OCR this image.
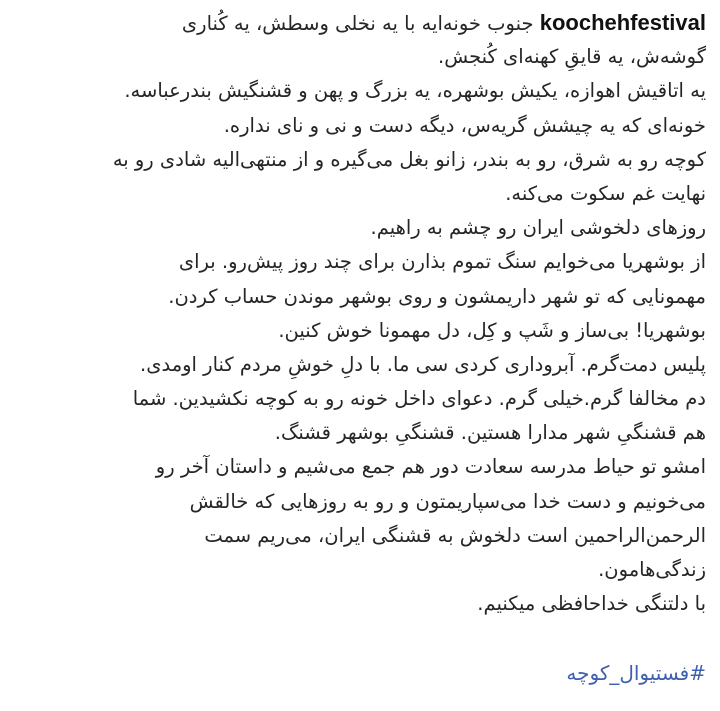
koochehfestival جنوب خونه‌ایه با یه نخلی وسطش، یه کُناری
گوشه‌ش، یه قایقِ کهنه‌ای کُنجش.
یه اتاقیش اهوازه، یکیش بوشهره، یه بزرگ و پهن و قشنگیش بندرعباسه.
خونه‌ای که یه چیشش گریه‌س، دیگه دست و نی و نای نداره.
کوچه رو به شرق، رو به بندر، زانو بغل می‌گیره و از منتهی‌الیه شادی رو به
نهایت غم سکوت می‌کنه.
روزهای دلخوشی ایران رو چشم به راهیم.
از بوشهریا می‌خوایم سنگ تموم بذارن برای چند روز پیش‌رو. برای
مهمونایی که تو شهر داریمشون و روی بوشهر موندن حساب کردن.
بوشهریا! بی‌ساز و شَپ و کِل، دل مهمونا خوش کنین.
پلیس دمت‌گرم. آبروداری کردی سی ما. با دلِ خوشِ مردم کنار اومدی.
دم مخالفا گرم.خیلی گرم. دعوای داخل خونه رو به کوچه نکشیدین. شما
هم قشنگیِ شهر مدارا هستین. قشنگیِ بوشهر قشنگ.
امشو تو حیاط مدرسه سعادت دور هم جمع می‌شیم و داستان آخر رو
می‌خونیم و دست خدا می‌سپاریمتون و رو به روزهایی که خالقش
الرحمن‌الراحمین است دلخوش به قشنگی ایران، می‌ریم سمت
زندگی‌هامون.
با دلتنگی خداحافظی میکنیم.
#فستیوال_کوچه
